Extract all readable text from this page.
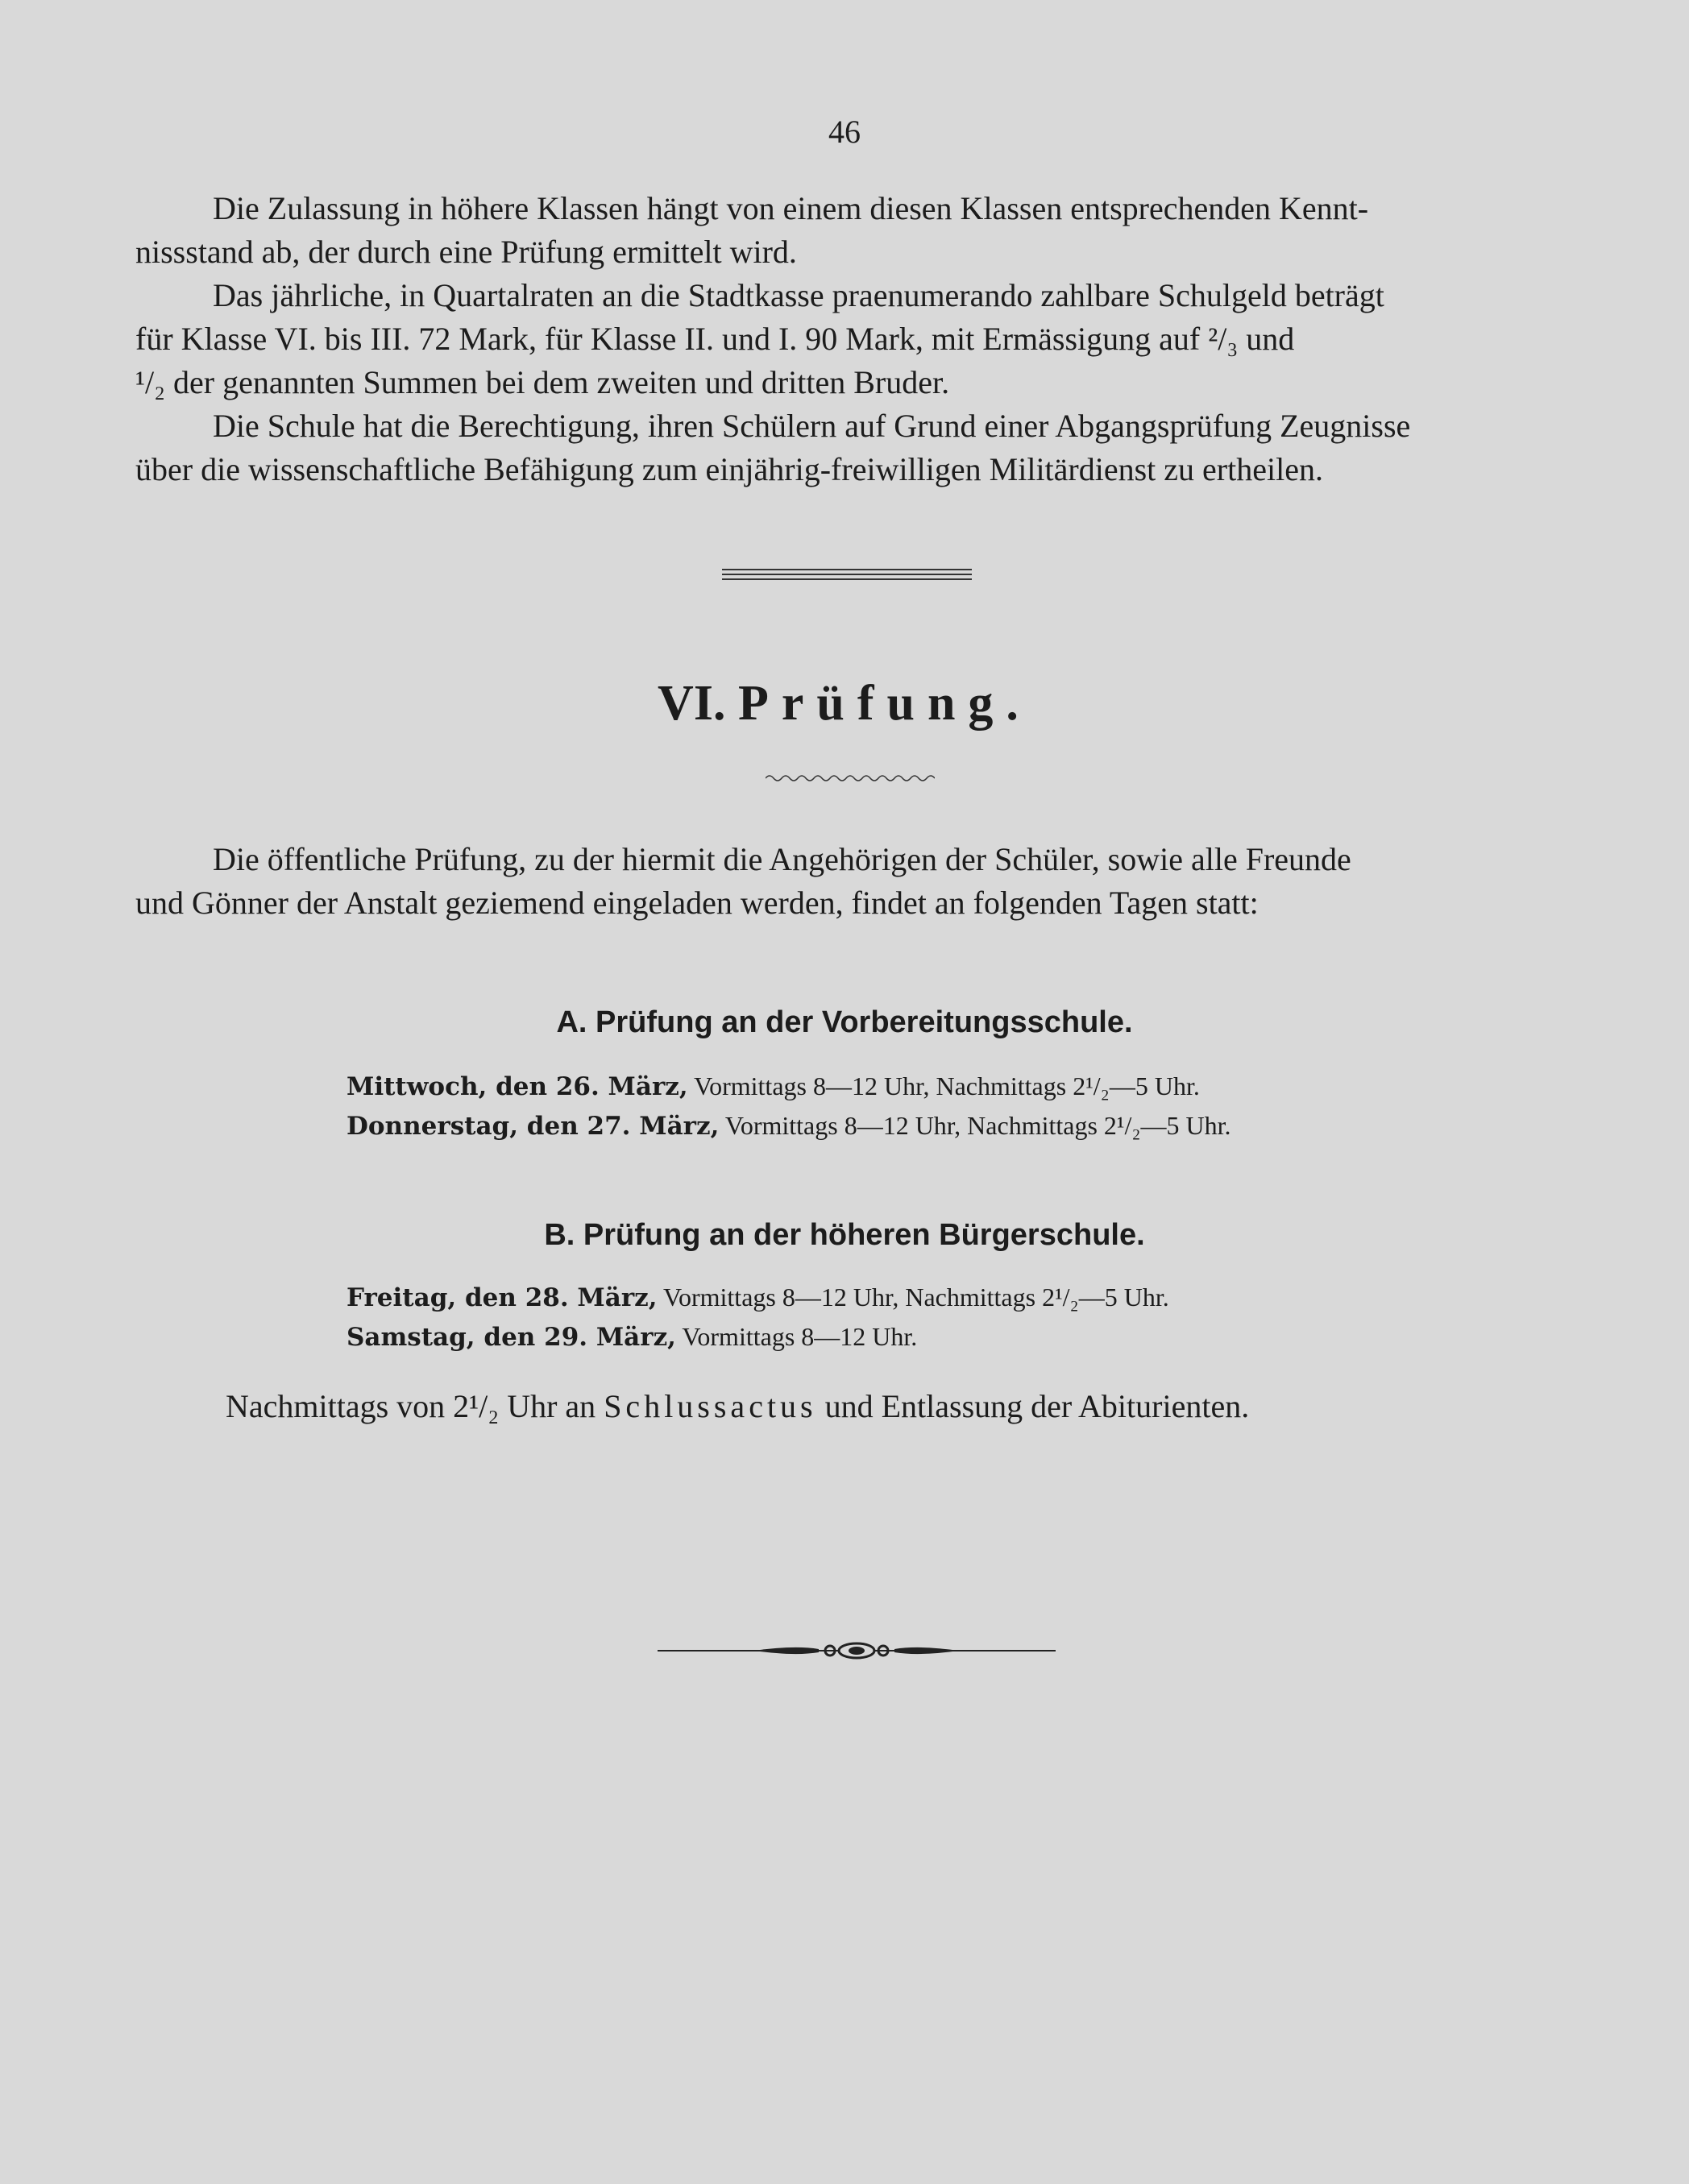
46

Die Zulassung in höhere Klassen hängt von einem diesen Klassen entsprechenden Kennt-
nissstand ab, der durch eine Prüfung ermittelt wird.

Das jährliche, in Quartalraten an die Stadtkasse praenumerando zahlbare Schulgeld beträgt
für Klasse VI. bis III. 72 Mark, für Klasse II. und I. 90 Mark, mit Ermässigung auf ²/₃ und
¹/₂ der genannten Summen bei dem zweiten und dritten Bruder.

Die Schule hat die Berechtigung, ihren Schülern auf Grund einer Abgangsprüfung Zeugnisse
über die wissenschaftliche Befähigung zum einjährig-freiwilligen Militärdienst zu ertheilen.

VI. Prüfung.

Die öffentliche Prüfung, zu der hiermit die Angehörigen der Schüler, sowie alle Freunde
und Gönner der Anstalt geziemend eingeladen werden, findet an folgenden Tagen statt:

A. Prüfung an der Vorbereitungsschule.
Mittwoch, den 26. März, Vormittags 8—12 Uhr, Nachmittags 2¹/₂—5 Uhr.
Donnerstag, den 27. März, Vormittags 8—12 Uhr, Nachmittags 2¹/₂—5 Uhr.
B. Prüfung an der höheren Bürgerschule.
Freitag, den 28. März, Vormittags 8—12 Uhr, Nachmittags 2¹/₂—5 Uhr.
Samstag, den 29. März, Vormittags 8—12 Uhr.
Nachmittags von 2¹/₂ Uhr an Schlussactus und Entlassung der Abiturienten.
